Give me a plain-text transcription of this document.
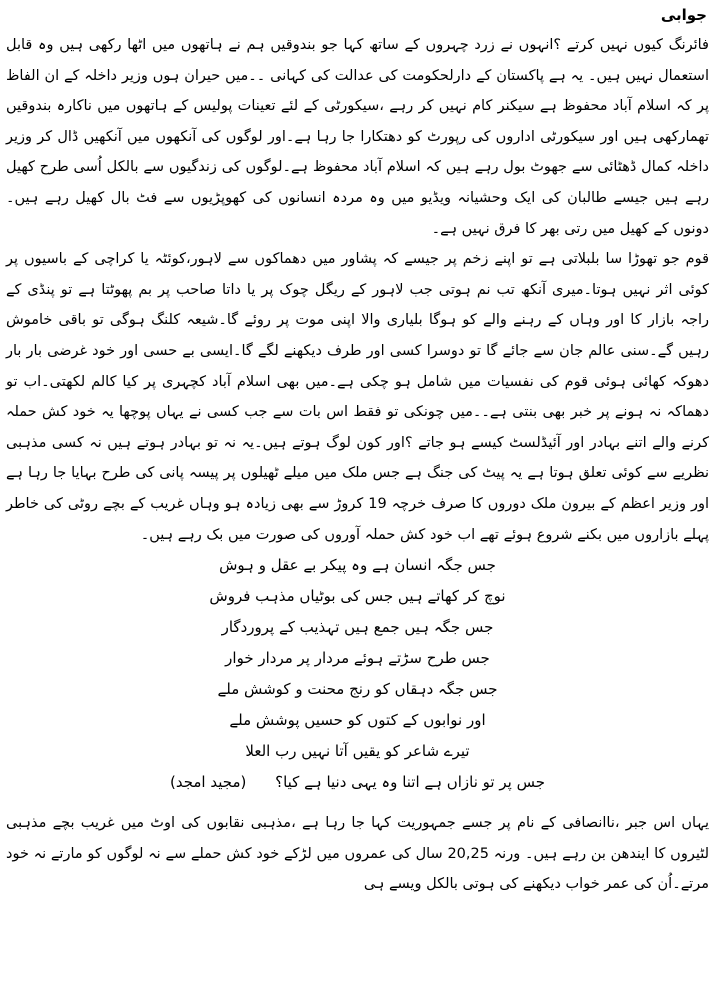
جوابی

فائرنگ کیوں نہیں کرتے ؟انہوں نے زرد چہروں کے ساتھ کہا جو بندوقیں ہم نے ہاتھوں میں اٹھا رکھی ہیں وہ قابل استعمال نہیں ہیں۔ یہ ہے پاکستان کے دارلحکومت کی عدالت کی کہانی ۔۔میں حیران ہوں وزیر داخلہ کے ان الفاظ پر کہ اسلام آباد محفوظ ہے سیکنر کام نہیں کر رہے ،سیکورٹی کے لئے تعینات پولیس کے ہاتھوں میں ناکارہ بندوقیں تھمارکھی ہیں اور سیکورٹی اداروں کی رپورٹ کو دھتکارا جا رہا ہے۔اور لوگوں کی آنکھوں میں آنکھیں ڈال کر وزیر داخلہ کمال ڈھٹائی سے جھوٹ بول رہے ہیں کہ اسلام آباد محفوظ ہے۔لوگوں کی زندگیوں سے بالکل اُسی طرح کھیل رہے ہیں جیسے طالبان کی ایک وحشیانہ ویڈیو میں وہ مردہ انسانوں کی کھوپڑیوں سے فٹ بال کھیل رہے ہیں۔دونوں کے کھیل میں رتی بھر کا فرق نہیں ہے۔

قوم جو تھوڑا سا بلبلاتی ہے تو اپنے زخم پر جیسے کہ پشاور میں دھماکوں سے لاہور،کوئٹہ یا کراچی کے باسیوں پر کوئی اثر نہیں ہوتا۔میری آنکھ تب نم ہوتی جب لاہور کے ریگل چوک پر یا داتا صاحب پر بم پھوٹتا ہے تو پنڈی کے راجہ بازار کا اور وہاں کے رہنے والے کو ہوگا بلیاری والا اپنی موت پر روئے گا۔شیعہ کلنگ ہوگی تو باقی خاموش رہیں گے۔سنی عالم جان سے جائے گا تو دوسرا کسی اور طرف دیکھنے لگے گا۔ایسی بے حسی اور خود غرضی بار بار دھوکہ کھائی ہوئی قوم کی نفسیات میں شامل ہو چکی ہے۔میں بھی اسلام آباد کچہری پر کیا کالم لکھتی۔اب تو دھماکہ نہ ہونے پر خبر بھی بنتی ہے۔۔میں چونکی تو فقط اس بات سے جب کسی نے یہاں پوچھا یہ خود کش حملہ کرنے والے اتنے بہادر اور آئیڈلسٹ کیسے ہو جاتے ؟اور کون لوگ ہوتے ہیں۔یہ نہ تو بہادر ہوتے ہیں نہ کسی مذہبی نظریے سے کوئی تعلق ہوتا ہے یہ پیٹ کی جنگ ہے جس ملک میں میلے ٹھیلوں پر پیسہ پانی کی طرح بہایا جا رہا ہے اور وزیر اعظم کے بیرون ملک دوروں کا صرف خرچہ 19 کروڑ سے بھی زیادہ ہو وہاں غریب کے بچے روٹی کی خاطر پہلے بازاروں میں بکنے شروع ہوئے تھے اب خود کش حملہ آوروں کی صورت میں بک رہے ہیں۔

جس جگہ انسان ہے وہ پیکر بے عقل و ہوش
نوچ کر کھاتے ہیں جس کی بوٹیاں مذہب فروش
جس جگہ ہیں جمع ہیں تہذیب کے پروردگار
جس طرح سڑتے ہوئے مردار پر مردار خوار
جس جگہ دہقاں کو رنج محنت و کوشش ملے
اور نوابوں کے کتوں کو حسیں پوشش ملے
تیرے شاعر کو یقیں آتا نہیں رب العلا
جس پر تو نازاں ہے اتنا وہ یہی دنیا ہے کیا؟ (مجید امجد)

یہاں اس جبر ،ناانصافی کے نام پر جسے جمہوریت کہا جا رہا ہے ،مذہبی نقابوں کی اوٹ میں غریب بچے مذہبی لٹیروں کا ایندھن بن رہے ہیں۔ ورنہ 20,25 سال کی عمروں میں لڑکے خود کش حملے سے نہ لوگوں کو مارتے نہ خود مرتے۔اُن کی عمر خواب دیکھنے کی ہوتی بالکل ویسے ہی
